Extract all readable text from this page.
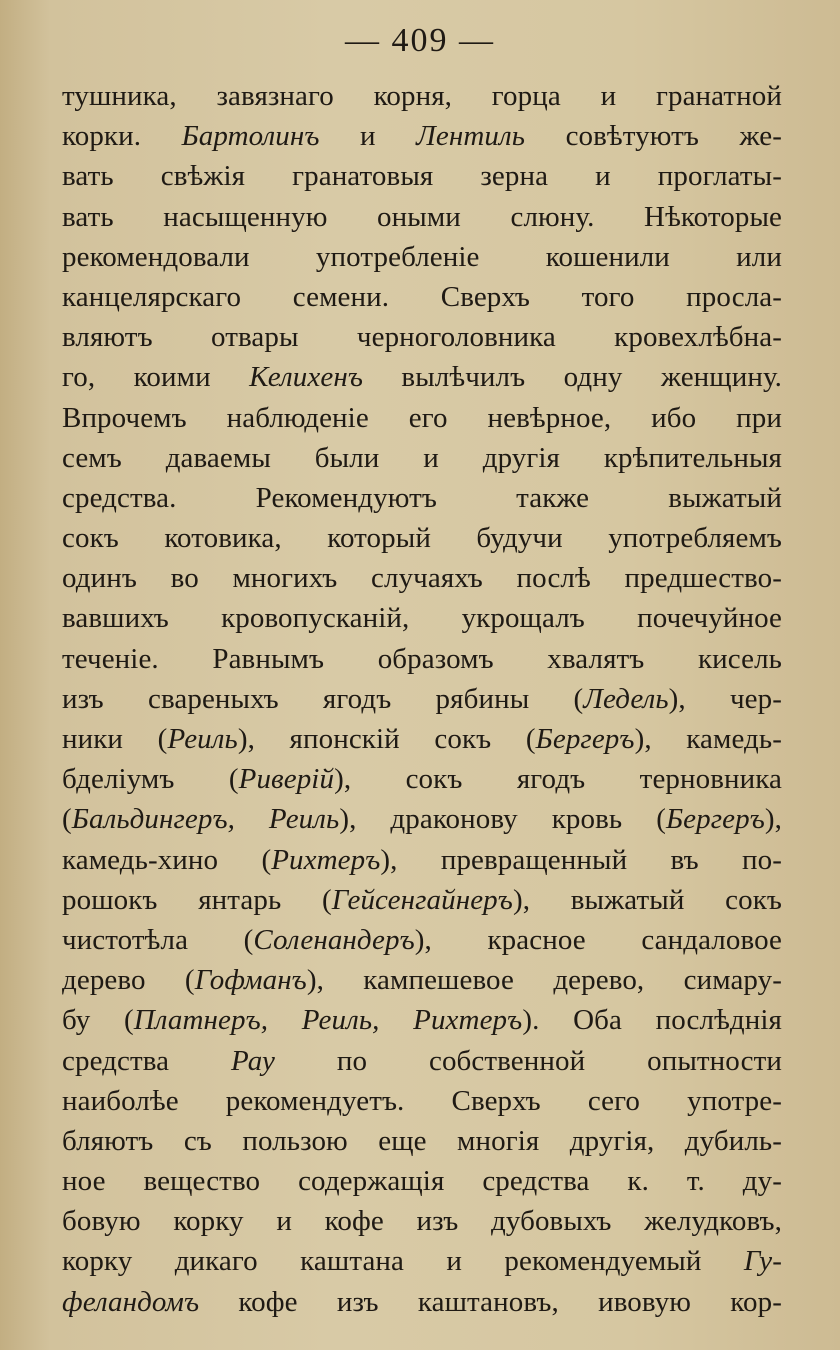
— 409 —
тушника, завязнаго корня, горца и гранатной
корки. Бартолинъ и Лентиль совѣтуютъ же-
вать свѣжія гранатовыя зерна и проглаты-
вать насыщенную оными слюну. Нѣкоторые
рекомендовали употребленіе кошенили или
канцелярскаго семени. Сверхъ того просла-
вляютъ отвары черноголовника кровехлѣбна-
го, коими Келихенъ вылѣчилъ одну женщину.
Впрочемъ наблюденіе его невѣрное, ибо при
семъ даваемы были и другія крѣпительныя
средства. Рекомендуютъ также выжатый
сокъ котовика, который будучи употребляемъ
одинъ во многихъ случаяхъ послѣ предшество-
вавшихъ кровопусканій, укрощалъ почечуйное
теченіе. Равнымъ образомъ хвалятъ кисель
изъ свареныхъ ягодъ рябины (Ледель), чер-
ники (Реиль), японскій сокъ (Бергеръ), камедь-
бделіумъ (Риверій), сокъ ягодъ терновника
(Бальдингеръ, Реиль), драконову кровь (Бергеръ),
камедь-хино (Рихтеръ), превращенный въ по-
рошокъ янтарь (Гейсенгайнеръ), выжатый сокъ
чистотѣла (Соленандеръ), красное сандаловое
дерево (Гофманъ), кампешевое дерево, симару-
бу (Платнеръ, Реиль, Рихтеръ). Оба послѣднія
средства Рау по собственной опытности
наиболѣе рекомендуетъ. Сверхъ сего употре-
бляютъ съ пользою еще многія другія, дубиль-
ное вещество содержащія средства к. т. ду-
бовую корку и кофе изъ дубовыхъ желудковъ,
корку дикаго каштана и рекомендуемый Гу-
феландомъ кофе изъ каштановъ, ивовую кор-
